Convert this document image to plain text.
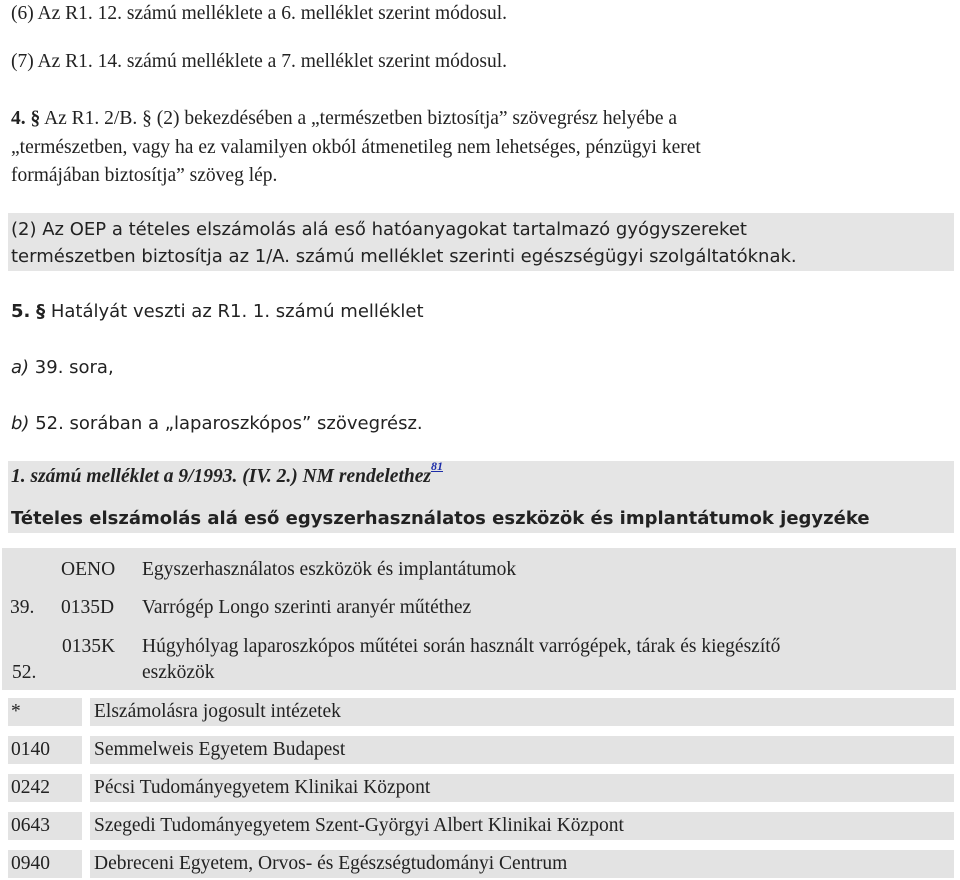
(6) Az R1. 12. számú melléklete a 6. melléklet szerint módosul.
(7) Az R1. 14. számú melléklete a 7. melléklet szerint módosul.
4. § Az R1. 2/B. § (2) bekezdésében a „természetben biztosítja” szövegrész helyébe a
„természetben, vagy ha ez valamilyen okból átmenetileg nem lehetséges, pénzügyi keret
formájában biztosítja” szöveg lép.
(2) Az OEP a tételes elszámolás alá eső hatóanyagokat tartalmazó gyógyszereket
természetben biztosítja az 1/A. számú melléklet szerinti egészségügyi szolgáltatóknak.
5. § Hatályát veszti az R1. 1. számú melléklet
a) 39. sora,
b) 52. sorában a „laparoszkópos” szövegrész.
1. számú melléklet a 9/1993. (IV. 2.) NM rendelethez$^{81}$
Tételes elszámolás alá eső egyszerhasználatos eszközök és implantátumok jegyzéke
OENO Egyszerhasználatos eszközök és implantátumok
39. 0135D Varrógép Longo szerinti aranyér műtéthez
0135K Húgyhólyag laparoszkópos műtétei során használt varrógépek, tárak és kiegészítő
eszközök
52.
*	Elszámolásra jogosult intézetek
0140 Semmelweis Egyetem Budapest
0242 Pécsi Tudományegyetem Klinikai Központ
0643 Szegedi Tudományegyetem Szent-Györgyi Albert Klinikai Központ
0940 Debreceni Egyetem, Orvos- és Egészségtudományi Centrum
